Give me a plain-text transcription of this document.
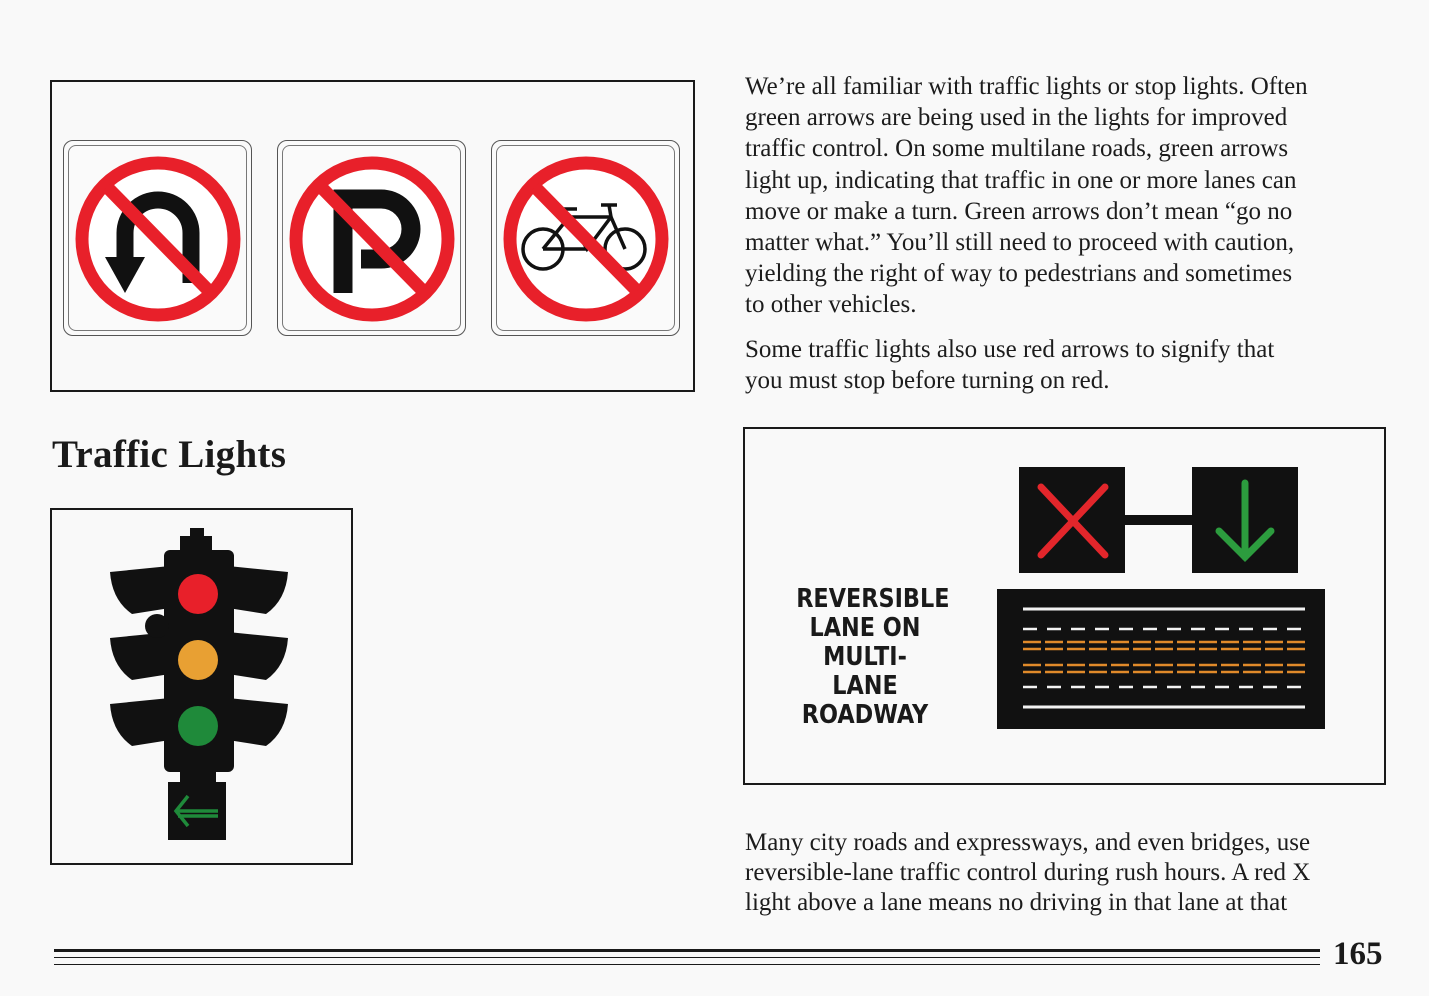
Traffic Lights

We’re all familiar with traffic lights or stop lights. Often

green arrows are being used in the lights for improved

traffic control. On some multilane roads, green arrows

light up, indicating that traffic in one or more lanes can

move or make a turn. Green arrows don’t mean “go no

matter what.” You’ll still need to proceed with caution,

yielding the right of way to pedestrians and sometimes

to other vehicles.

Some traffic lights also use red arrows to signify that

you must stop before turning on red.

REVERSIBLE
LANE ON
MULTI-
LANE
ROADWAY

Many city roads and expressways, and even bridges, use

reversible-lane traffic control during rush hours. A red X

light above a lane means no driving in that lane at that

165
